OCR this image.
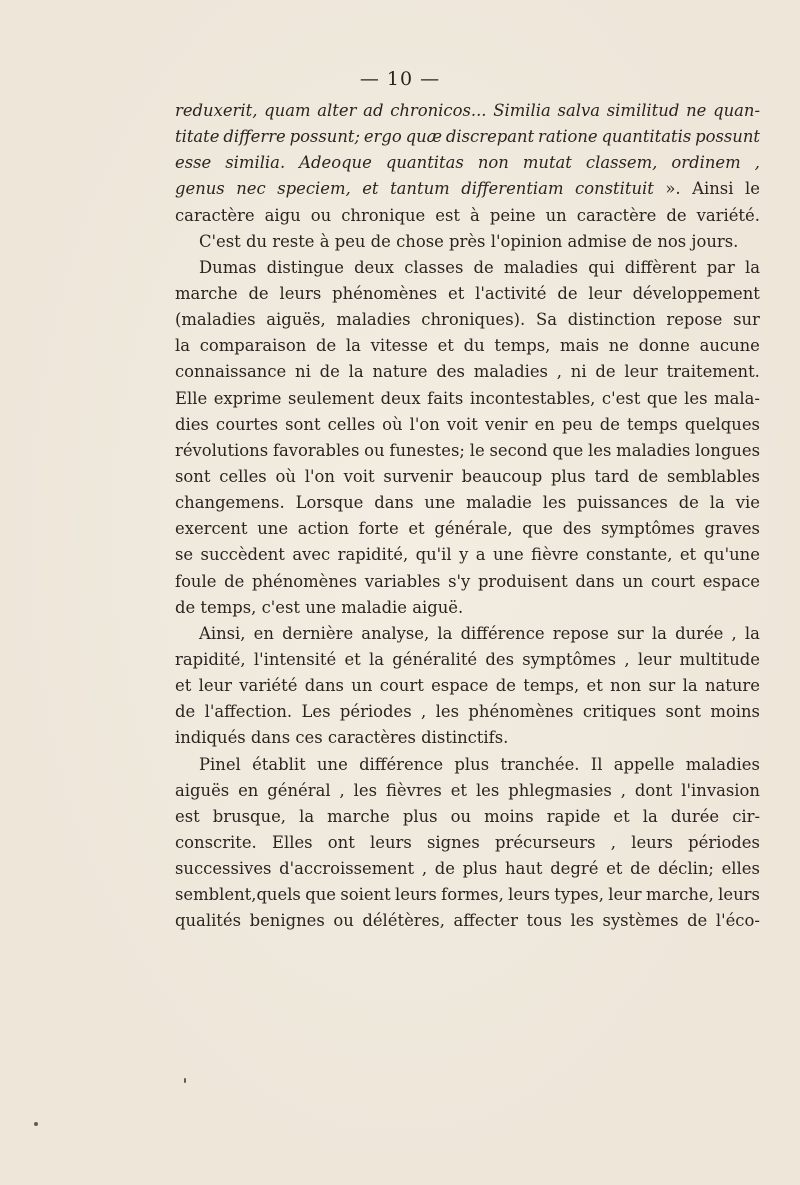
— 10 —
reduxerit, quam alter ad chronicos... Similia salva similitud ne quan-
titate differre possunt; ergo quæ discrepant ratione quantitatis possunt
esse similia. Adeoque quantitas non mutat classem, ordinem ,
genus nec speciem, et tantum differentiam constituit ». Ainsi le
caractère aigu ou chronique est à peine un caractère de variété.
C'est
du
reste
à
peu
de
chose
près
l'opinion
admise
de
nos
jours.
Dumas distingue deux classes de maladies qui diffèrent par la
marche de leurs phénomènes et l'activité de leur développement
(maladies aiguës, maladies chroniques). Sa distinction repose sur
la comparaison de la vitesse et du temps, mais ne donne aucune
connaissance ni de la nature des maladies , ni de leur traitement.
Elle exprime seulement deux faits incontestables, c'est que les mala-
dies courtes sont celles où l'on voit venir en peu de temps quelques
révolutions favorables ou funestes; le second que les maladies longues
sont celles où l'on voit survenir beaucoup plus tard de semblables
changemens. Lorsque dans une maladie les puissances de la vie
exercent une action forte et générale, que des symptômes graves
se succèdent avec rapidité, qu'il y a une fièvre constante, et qu'une
foule de phénomènes variables s'y produisent dans un court espace
de
temps,
c'est
une
maladie
aiguë.
Ainsi, en dernière analyse, la différence repose sur la durée , la
rapidité, l'intensité et la généralité des symptômes , leur multitude
et leur variété dans un court espace de temps, et non sur la nature
de l'affection. Les périodes , les phénomènes critiques sont moins
indiqués
dans
ces
caractères
distinctifs.
Pinel établit une différence plus tranchée. Il appelle maladies
aiguës en général , les fièvres et les phlegmasies , dont l'invasion
est brusque, la marche plus ou moins rapide et la durée cir-
conscrite. Elles ont leurs signes précurseurs , leurs périodes
successives d'accroissement , de plus haut degré et de déclin; elles
semblent,quels que soient leurs formes, leurs types, leur marche, leurs
qualités benignes ou délétères, affecter tous les systèmes de l'éco-
